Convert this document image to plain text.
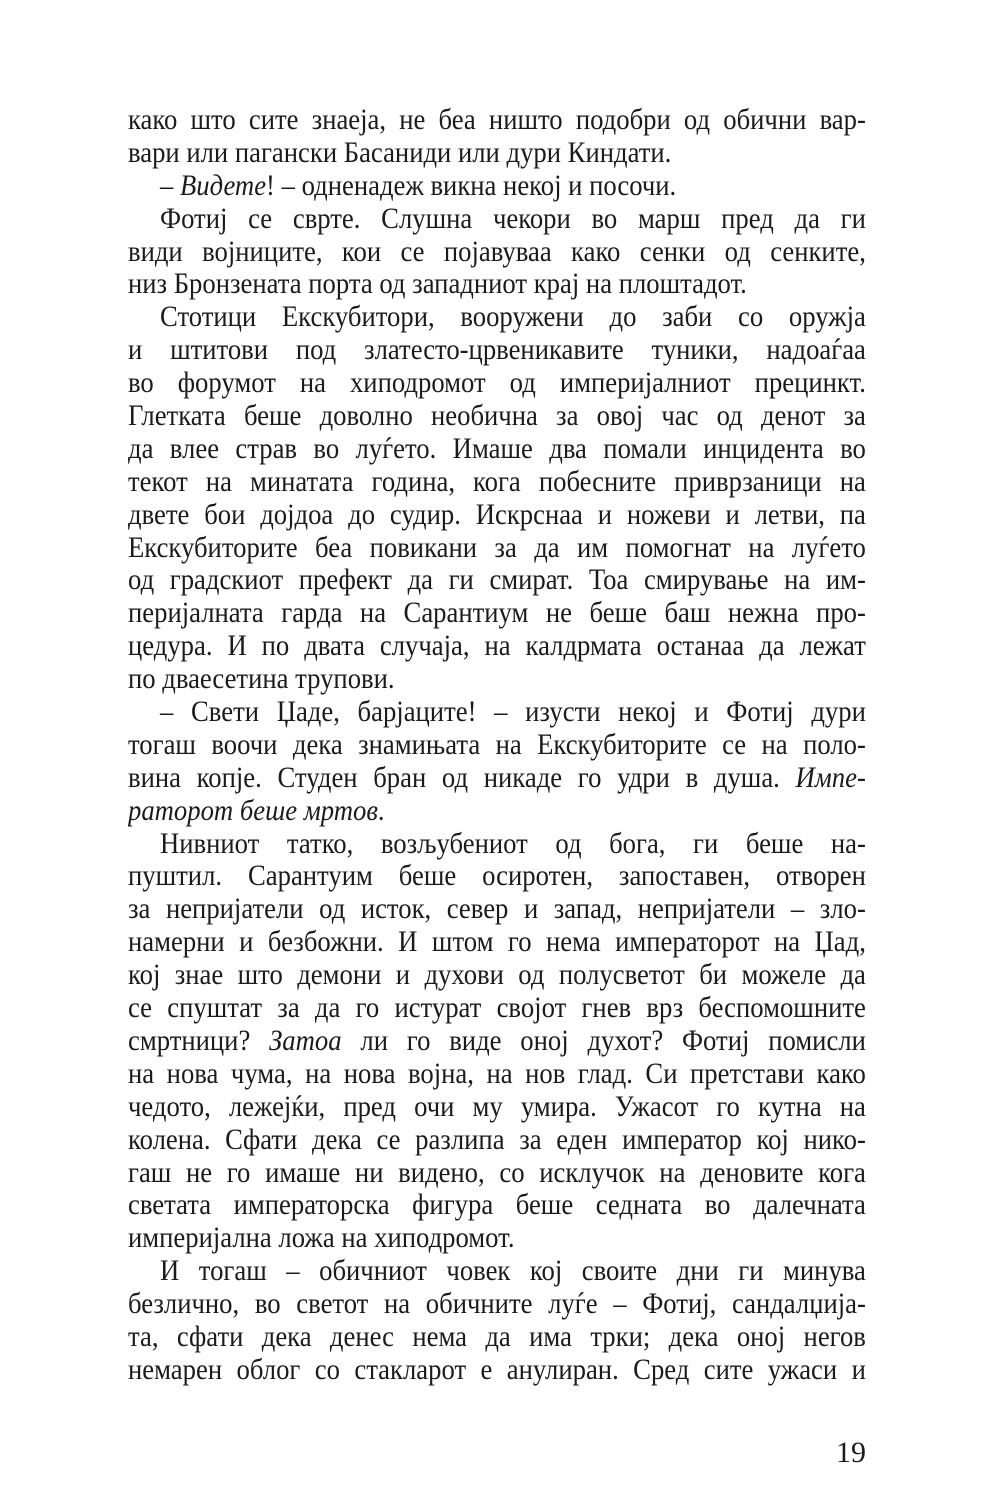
како што сите знаеја, не беа ништо подобри од обични вар-
вари или пагански Басаниди или дури Киндати.
– Видете! – одненадеж викна некој и посочи.
Фотиј се сврте. Слушна чекори во марш пред да ги
види војниците, кои се појавуваа како сенки од сенките,
низ Бронзената порта од западниот крај на плоштадот.
Стотици Екскубитори, вооружени до заби со оружја
и штитови под златесто-црвеникавите туники, надоаѓаа
во форумот на хиподромот од империјалниот прецинкт.
Глетката беше доволно необична за овој час од денот за
да влее страв во луѓето. Имаше два помали инцидента во
текот на минатата година, кога побесните приврзаници на
двете бои дојдоа до судир. Искрснаа и ножеви и летви, па
Екскубиторите беа повикани за да им помогнат на луѓето
од градскиот префект да ги смират. Тоа смирување на им-
перијалната гарда на Сарантиум не беше баш нежна про-
цедура. И по двата случаја, на калдрмата останаа да лежат
по дваесетина трупови.
– Свети Џаде, барјаците! – изусти некој и Фотиј дури
тогаш воочи дека знамињата на Екскубиторите се на поло-
вина копје. Студен бран од никаде го удри в душа. Импе-
раторот беше мртов.
Нивниот татко, возљубениот од бога, ги беше на-
пуштил. Сарантуим беше осиротен, запоставен, отворен
за непријатели од исток, север и запад, непријатели – зло-
намерни и безбожни. И штом го нема императорот на Џад,
кој знае што демони и духови од полусветот би можеле да
се спуштат за да го истурат својот гнев врз беспомошните
смртници? Затоа ли го виде оној духот? Фотиј помисли
на нова чума, на нова војна, на нов глад. Си претстави како
чедото, лежејќи, пред очи му умира. Ужасот го кутна на
колена. Сфати дека се разлипа за еден император кој нико-
гаш не го имаше ни видено, со исклучок на деновите кога
светата императорска фигура беше седната во далечната
империјална ложа на хиподромот.
И тогаш – обичниот човек кој своите дни ги минува
безлично, во светот на обичните луѓе – Фотиј, сандалџија-
та, сфати дека денес нема да има трки; дека оној негов
немарен облог со стакларот е анулиран. Сред сите ужаси и
19
